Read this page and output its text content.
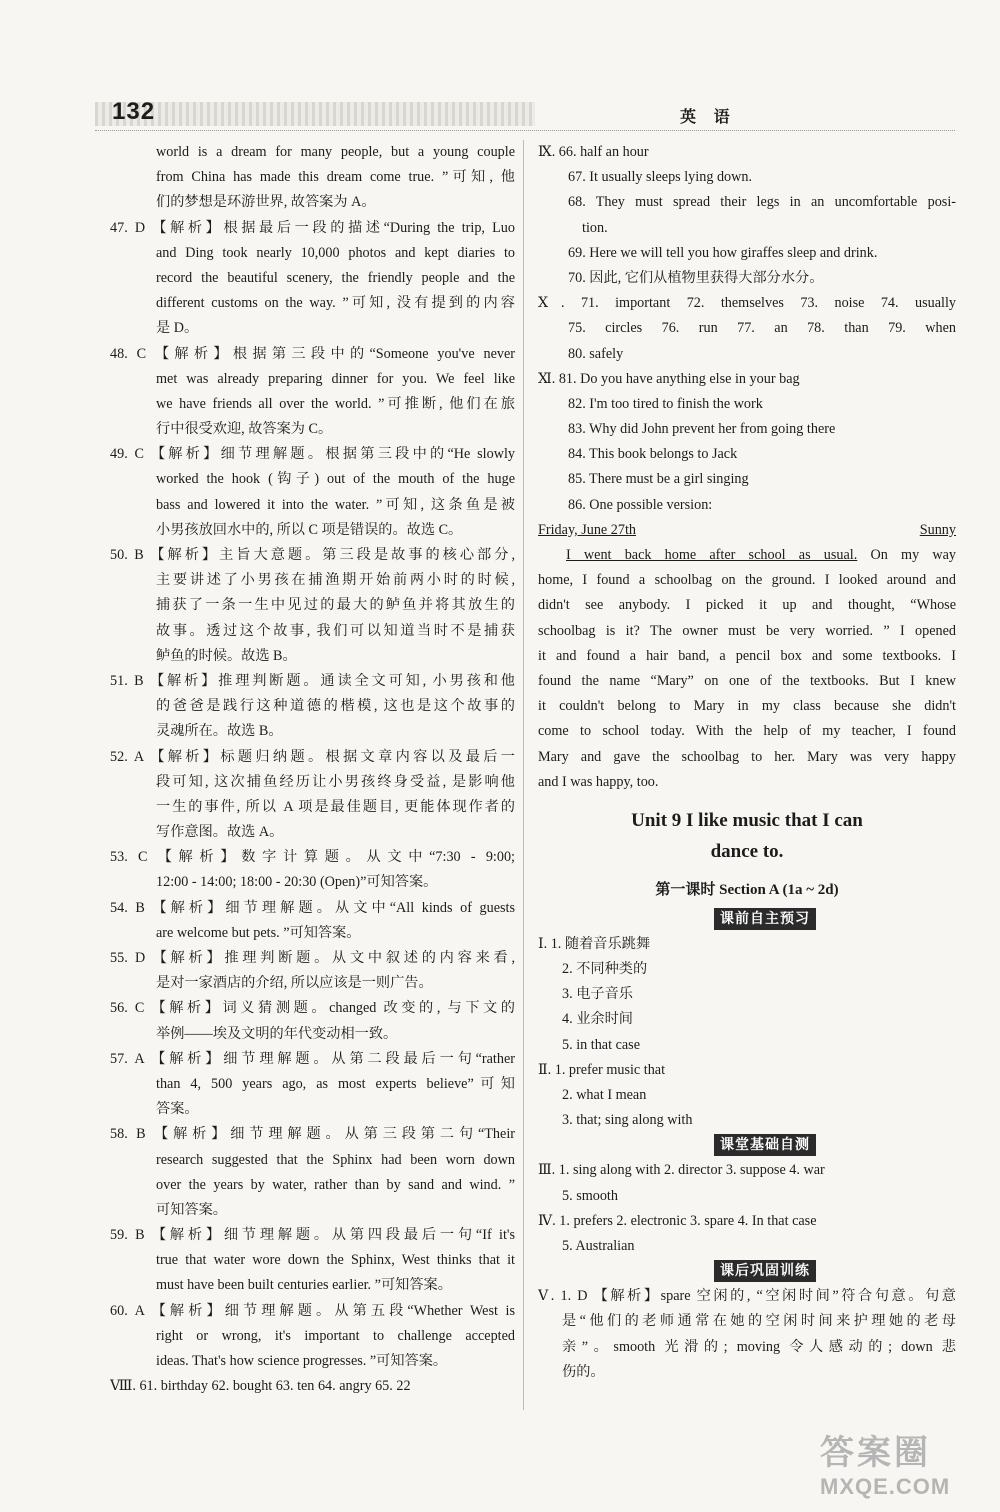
132	英 语
world is a dream for many people, but a young couple
from China has made this dream come true. ”可知, 他
们的梦想是环游世界, 故答案为 A。
47. D 【解析】根据最后一段的描述“During the trip, Luo
and Ding took nearly 10,000 photos and kept diaries to
record the beautiful scenery, the friendly people and the
different customs on the way. ”可知, 没有提到的内容
是 D。
48. C 【解析】根据第三段中的“Someone you've never
met was already preparing dinner for you. We feel like
we have friends all over the world. ”可推断, 他们在旅
行中很受欢迎, 故答案为 C。
49. C 【解析】细节理解题。根据第三段中的“He slowly
worked the hook (钩子) out of the mouth of the huge
bass and lowered it into the water. ”可知, 这条鱼是被
小男孩放回水中的, 所以 C 项是错误的。故选 C。
50. B 【解析】主旨大意题。第三段是故事的核心部分,
主要讲述了小男孩在捕渔期开始前两小时的时候,
捕获了一条一生中见过的最大的鲈鱼并将其放生的
故事。透过这个故事, 我们可以知道当时不是捕获
鲈鱼的时候。故选 B。
51. B 【解析】推理判断题。通读全文可知, 小男孩和他
的爸爸是践行这种道德的楷模, 这也是这个故事的
灵魂所在。故选 B。
52. A 【解析】标题归纳题。根据文章内容以及最后一
段可知, 这次捕鱼经历让小男孩终身受益, 是影响他
一生的事件, 所以 A 项是最佳题目, 更能体现作者的
写作意图。故选 A。
53. C 【解析】数字计算题。从文中“7:30 - 9:00;
12:00 - 14:00; 18:00 - 20:30 (Open)”可知答案。
54. B 【解析】细节理解题。从文中“All kinds of guests
are welcome but pets. ”可知答案。
55. D 【解析】推理判断题。从文中叙述的内容来看,
是对一家酒店的介绍, 所以应该是一则广告。
56. C 【解析】词义猜测题。changed 改变的, 与下文的
举例——埃及文明的年代变动相一致。
57. A 【解析】细节理解题。从第二段最后一句“rather
than 4, 500 years ago, as most experts believe”可知
答案。
58. B 【解析】细节理解题。从第三段第二句“Their
research suggested that the Sphinx had been worn down
over the years by water, rather than by sand and wind. ”
可知答案。
59. B 【解析】细节理解题。从第四段最后一句“If it's
true that water wore down the Sphinx, West thinks that it
must have been built centuries earlier. ”可知答案。
60. A 【解析】细节理解题。从第五段“Whether West is
right or wrong, it's important to challenge accepted
ideas. That's how science progresses. ”可知答案。
Ⅷ. 61. birthday 62. bought 63. ten 64. angry 65. 22
Ⅸ. 66. half an hour
67. It usually sleeps lying down.
68. They must spread their legs in an uncomfortable posi-
tion.
69. Here we will tell you how giraffes sleep and drink.
70. 因此, 它们从植物里获得大部分水分。
Ⅹ. 71. important 72. themselves 73. noise 74. usually
75. circles 76. run 77. an 78. than 79. when
80. safely
Ⅺ. 81. Do you have anything else in your bag
82. I'm too tired to finish the work
83. Why did John prevent her from going there
84. This book belongs to Jack
85. There must be a girl singing
86. One possible version:
Friday, June 27th	Sunny
I went back home after school as usual. On my way
home, I found a schoolbag on the ground. I looked around and
didn't see anybody. I picked it up and thought, “Whose
schoolbag is it? The owner must be very worried. ” I opened
it and found a hair band, a pencil box and some textbooks. I
found the name “Mary” on one of the textbooks. But I knew
it couldn't belong to Mary in my class because she didn't
come to school today. With the help of my teacher, I found
Mary and gave the schoolbag to her. Mary was very happy
and I was happy, too.
Unit 9 I like music that I can
dance to.
第一课时 Section A (1a ~ 2d)
课前自主预习
Ⅰ. 1. 随着音乐跳舞
2. 不同种类的
3. 电子音乐
4. 业余时间
5. in that case
Ⅱ. 1. prefer music that
2. what I mean
3. that; sing along with
课堂基础自测
Ⅲ. 1. sing along with 2. director 3. suppose 4. war
5. smooth
Ⅳ. 1. prefers 2. electronic 3. spare 4. In that case
5. Australian
课后巩固训练
Ⅴ. 1. D 【解析】spare 空闲的, “空闲时间”符合句意。句意
是“他们的老师通常在她的空闲时间来护理她的老母
亲”。smooth 光滑的; moving 令人感动的; down 悲
伤的。
答案圈
MXQE.COM
